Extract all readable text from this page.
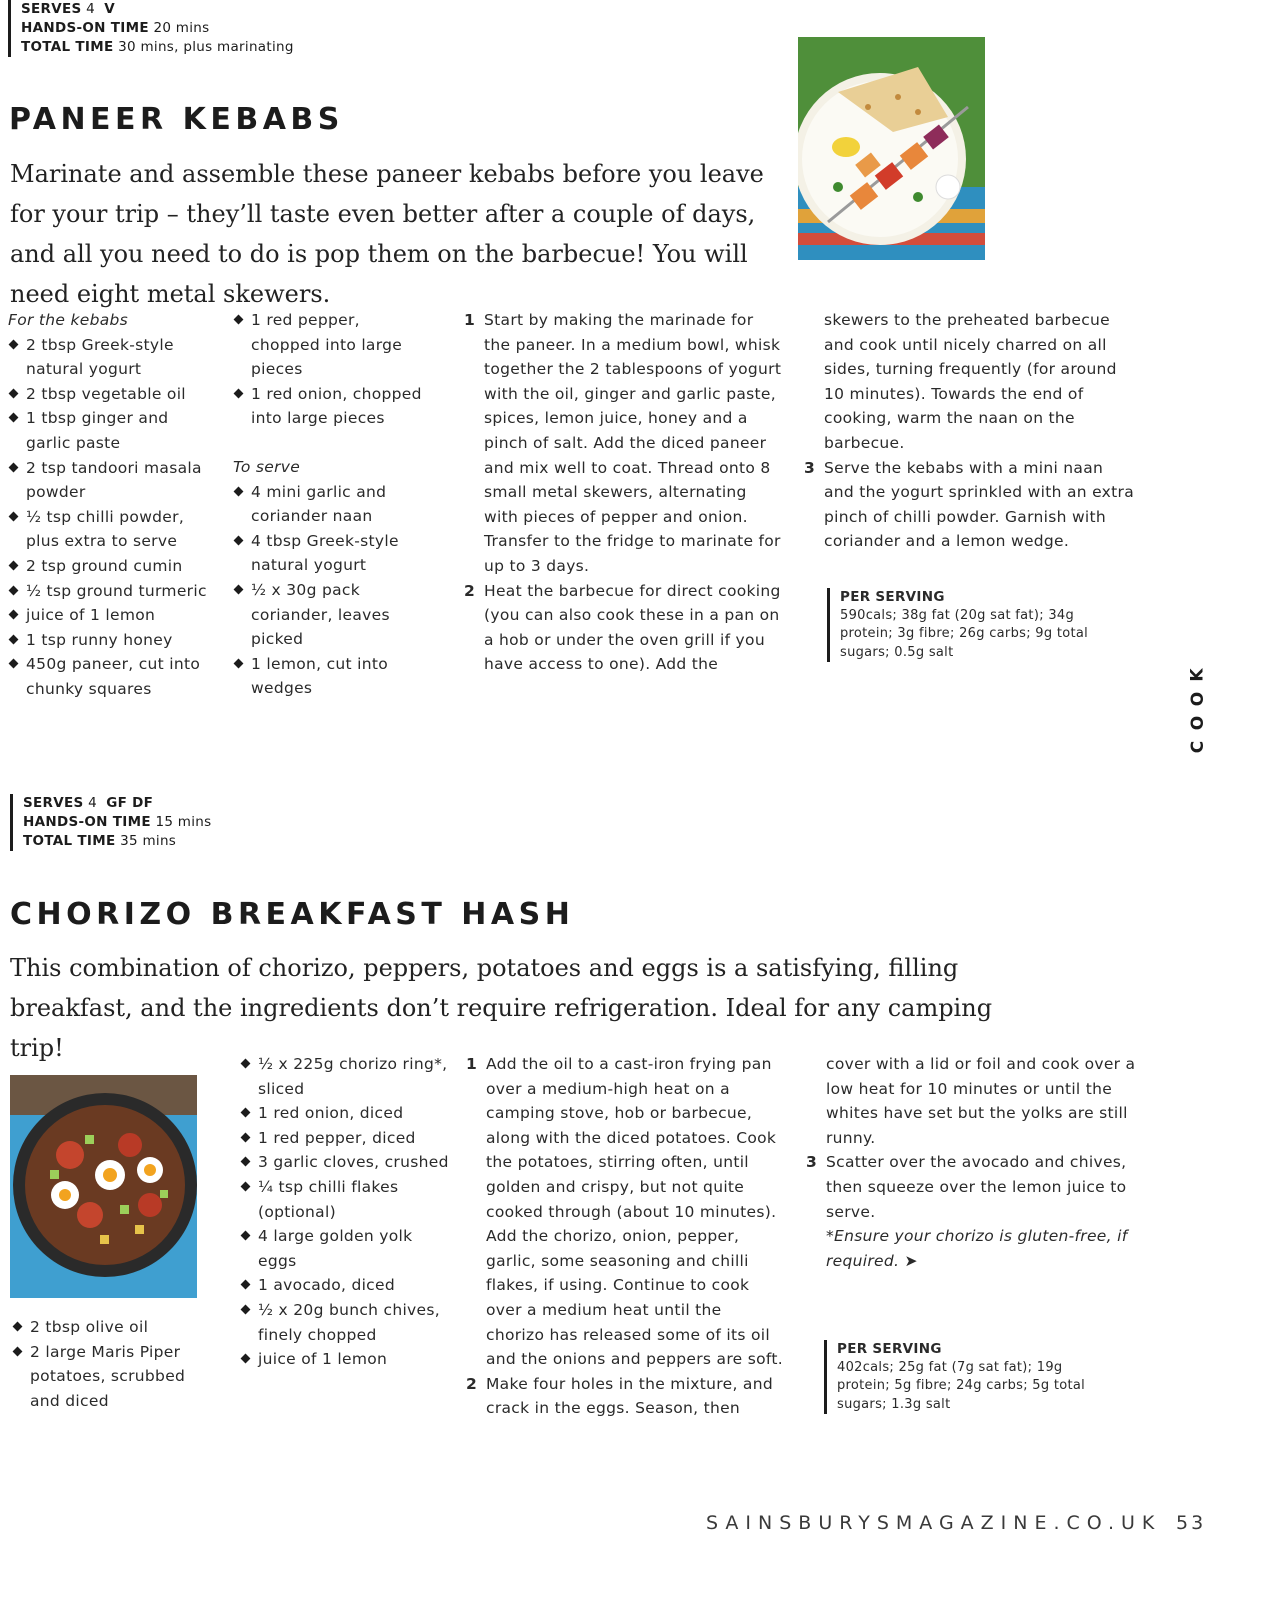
SERVES 4 V
HANDS-ON TIME 20 mins
TOTAL TIME 30 mins, plus marinating
PANEER KEBABS

Marinate and assemble these paneer kebabs before you leave for your trip – they’ll taste even better after a couple of days, and all you need to do is pop them on the barbecue! You will need eight metal skewers.

For the kebabs
2 tbsp Greek-style natural yogurt
2 tbsp vegetable oil
1 tbsp ginger and garlic paste
2 tsp tandoori masala powder
½ tsp chilli powder, plus extra to serve
2 tsp ground cumin
½ tsp ground turmeric
juice of 1 lemon
1 tsp runny honey
450g paneer, cut into chunky squares
1 red pepper, chopped into large pieces
1 red onion, chopped into large pieces
To serve
4 mini garlic and coriander naan
4 tbsp Greek-style natural yogurt
½ x 30g pack coriander, leaves picked
1 lemon, cut into wedges
1 Start by making the marinade for the paneer. In a medium bowl, whisk together the 2 tablespoons of yogurt with the oil, ginger and garlic paste, spices, lemon juice, honey and a pinch of salt. Add the diced paneer and mix well to coat. Thread onto 8 small metal skewers, alternating with pieces of pepper and onion. Transfer to the fridge to marinate for up to 3 days.
2 Heat the barbecue for direct cooking (you can also cook these in a pan on a hob or under the oven grill if you have access to one). Add the
skewers to the preheated barbecue and cook until nicely charred on all sides, turning frequently (for around 10 minutes). Towards the end of cooking, warm the naan on the barbecue.
3 Serve the kebabs with a mini naan and the yogurt sprinkled with an extra pinch of chilli powder. Garnish with coriander and a lemon wedge.
PER SERVING
590cals; 38g fat (20g sat fat); 34g protein; 3g fibre; 26g carbs; 9g total sugars; 0.5g salt
K
O
O
C
SERVES 4 GF DF
HANDS-ON TIME 15 mins
TOTAL TIME 35 mins
CHORIZO BREAKFAST HASH

This combination of chorizo, peppers, potatoes and eggs is a satisfying, filling breakfast, and the ingredients don’t require refrigeration. Ideal for any camping trip!

2 tbsp olive oil
2 large Maris Piper potatoes, scrubbed and diced
½ x 225g chorizo ring*, sliced
1 red onion, diced
1 red pepper, diced
3 garlic cloves, crushed
¼ tsp chilli flakes (optional)
4 large golden yolk eggs
1 avocado, diced
½ x 20g bunch chives, finely chopped
juice of 1 lemon
1 Add the oil to a cast-iron frying pan over a medium-high heat on a camping stove, hob or barbecue, along with the diced potatoes. Cook the potatoes, stirring often, until golden and crispy, but not quite cooked through (about 10 minutes). Add the chorizo, onion, pepper, garlic, some seasoning and chilli flakes, if using. Continue to cook over a medium heat until the chorizo has released some of its oil and the onions and peppers are soft.
2 Make four holes in the mixture, and crack in the eggs. Season, then
cover with a lid or foil and cook over a low heat for 10 minutes or until the whites have set but the yolks are still runny.
3 Scatter over the avocado and chives, then squeeze over the lemon juice to serve.
*Ensure your chorizo is gluten-free, if required. ➤
PER SERVING
402cals; 25g fat (7g sat fat); 19g protein; 5g fibre; 24g carbs; 5g total sugars; 1.3g salt
SAINSBURYSMAGAZINE.CO.UK 53
